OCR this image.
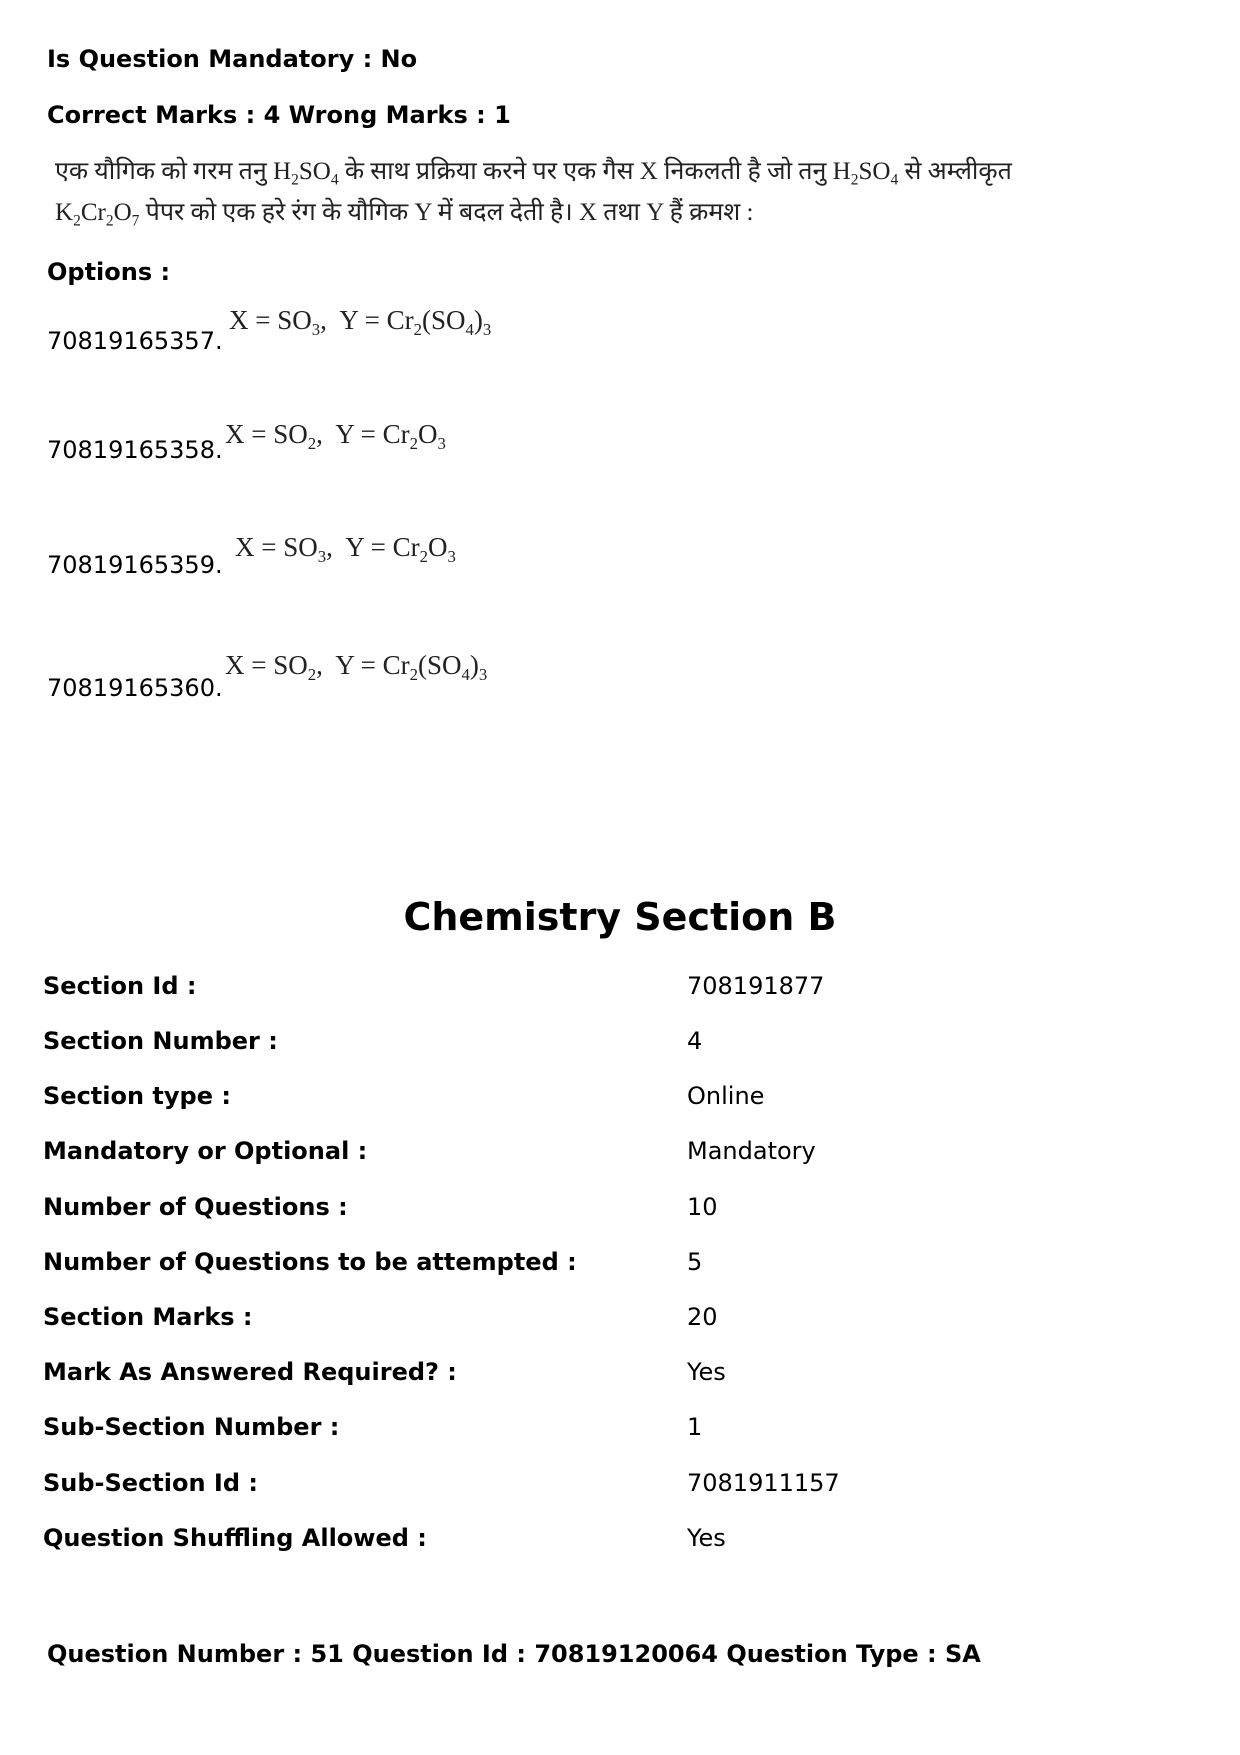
Is Question Mandatory : No
Correct Marks : 4 Wrong Marks : 1
एक यौगिक को गरम तनु $H_2SO_4$ के साथ प्रक्रिया करने पर एक गैस X निकलती है जो तनु $H_2SO_4$ से अम्लीकृत
$K_2Cr_2O_7$ पेपर को एक हरे रंग के यौगिक Y में बदल देती है। X तथा Y हैं क्रमश :
Options :
70819165357.
$X = SO_3$,  $Y = Cr_2(SO_4)_3$
70819165358.
$X = SO_2$,  $Y = Cr_2O_3$
70819165359.
$X = SO_3$,  $Y = Cr_2O_3$
70819165360.
$X = SO_2$,  $Y = Cr_2(SO_4)_3$
Chemistry Section B
Section Id :	708191877
Section Number :	4
Section type :	Online
Mandatory or Optional :	Mandatory
Number of Questions :	10
Number of Questions to be attempted :	5
Section Marks :	20
Mark As Answered Required? :	Yes
Sub-Section Number :	1
Sub-Section Id :	7081911157
Question Shuffling Allowed :	Yes
Question Number : 51 Question Id : 70819120064 Question Type : SA
